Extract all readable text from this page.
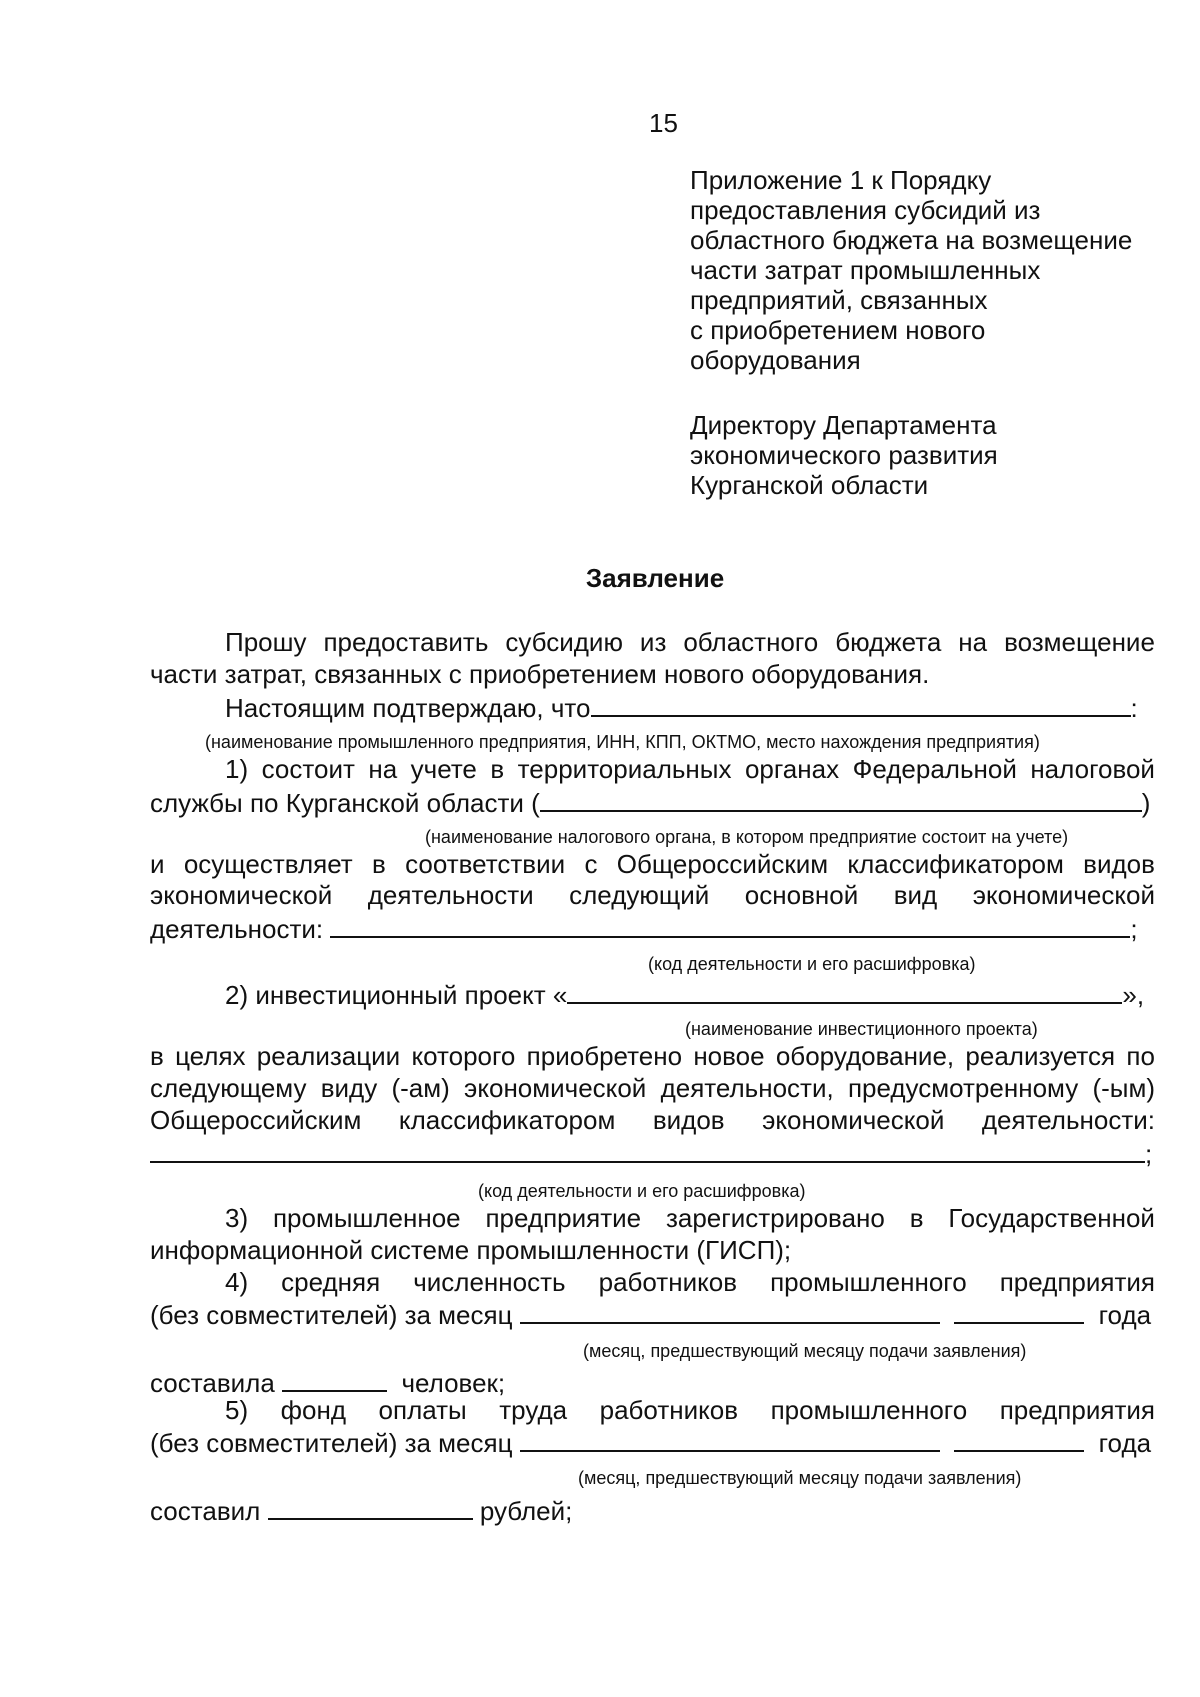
15
Приложение 1 к Порядку
предоставления субсидий из
областного бюджета на возмещение
части затрат промышленных
предприятий, связанных
с приобретением нового
оборудования
Директору Департамента
экономического развития
Курганской области
Заявление
Прошу предоставить субсидию из областного бюджета на возмещение
части затрат, связанных с приобретением нового оборудования.
Настоящим подтверждаю, что	:
(наименование промышленного предприятия, ИНН, КПП, ОКТМО, место нахождения предприятия)
1) состоит на учете в территориальных органах Федеральной налоговой
службы по Курганской области (	)
(наименование налогового органа, в котором предприятие состоит на учете)
и осуществляет в соответствии с Общероссийским классификатором видов
экономической деятельности следующий основной вид экономической
деятельности:	;
(код деятельности и его расшифровка)
2) инвестиционный проект «	»,
(наименование инвестиционного проекта)
в целях реализации которого приобретено новое оборудование, реализуется по
следующему виду (-ам) экономической деятельности, предусмотренному (-ым)
Общероссийским классификатором видов экономической деятельности:
;
(код деятельности и его расшифровка)
3) промышленное предприятие зарегистрировано в Государственной
информационной системе промышленности (ГИСП);
4) средняя численность работников промышленного предприятия
(без совместителей) за месяц	года
(месяц, предшествующий месяцу подачи заявления)
составила	человек;
5) фонд оплаты труда работников промышленного предприятия
(без совместителей) за месяц	года
(месяц, предшествующий месяцу подачи заявления)
составил	рублей;
